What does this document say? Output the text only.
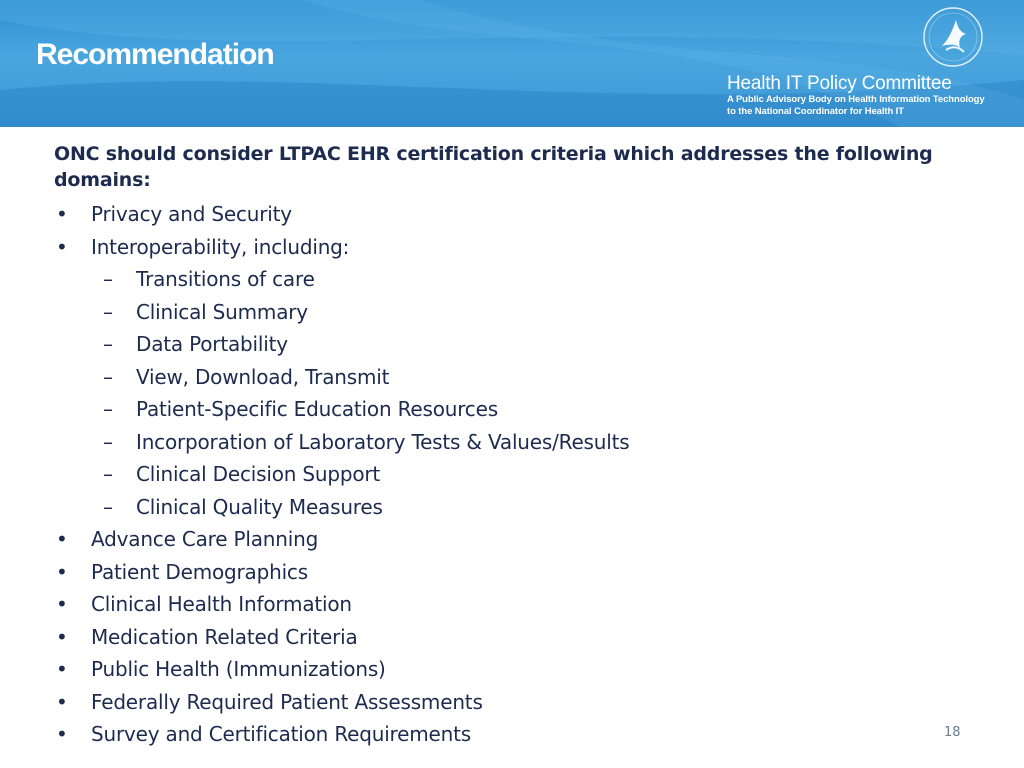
Recommendation
Health IT Policy Committee
A Public Advisory Body on Health Information Technology
to the National Coordinator for Health IT
ONC should consider LTPAC EHR certification criteria which addresses the following domains:
• Privacy and Security
• Interoperability, including:
– Transitions of care
– Clinical Summary
– Data Portability
– View, Download, Transmit
– Patient-Specific Education Resources
– Incorporation of Laboratory Tests & Values/Results
– Clinical Decision Support
– Clinical Quality Measures
• Advance Care Planning
• Patient Demographics
• Clinical Health Information
• Medication Related Criteria
• Public Health (Immunizations)
• Federally Required Patient Assessments
• Survey and Certification Requirements	18
